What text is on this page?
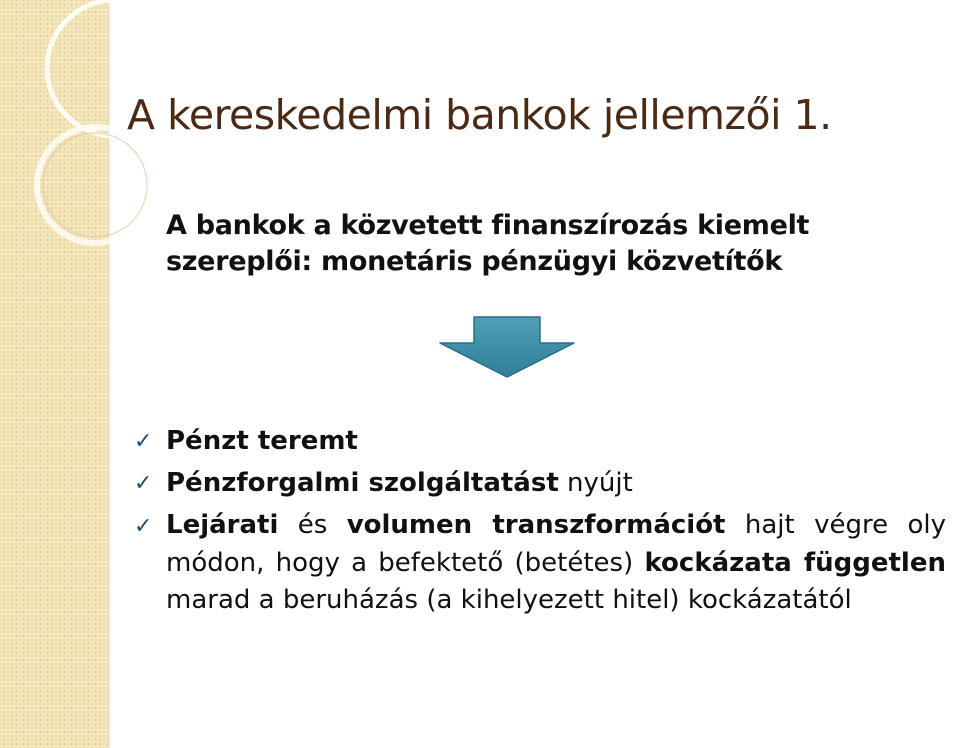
A kereskedelmi bankok jellemzői 1.

A bankok a közvetett finanszírozás kiemelt szereplői: monetáris pénzügyi közvetítők

✓ Pénzt teremt
✓ Pénzforgalmi szolgáltatást nyújt
✓ Lejárati és volumen transzformációt hajt végre oly módon, hogy a befektető (betétes) kockázata független marad a beruházás (a kihelyezett hitel) kockázatától
